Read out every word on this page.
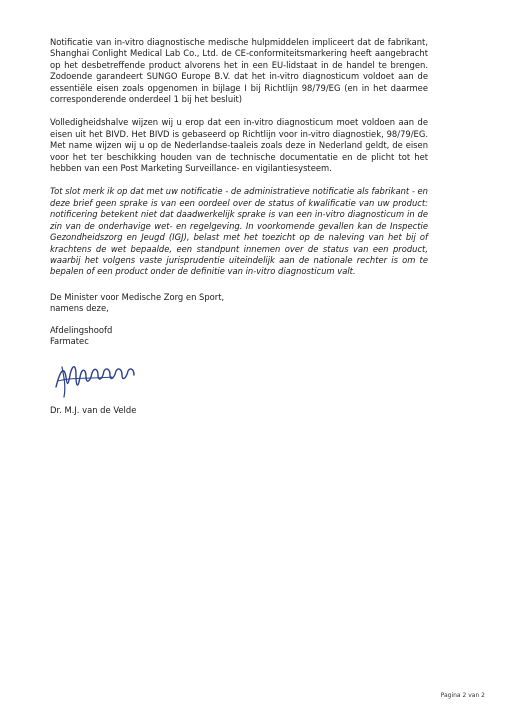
Notificatie van in-vitro diagnostische medische hulpmiddelen impliceert dat de fabrikant, Shanghai Conlight Medical Lab Co., Ltd. de CE-conformiteitsmarkering heeft aangebracht op het desbetreffende product alvorens het in een EU-lidstaat in de handel te brengen. Zodoende garandeert SUNGO Europe B.V. dat het in-vitro diagnosticum voldoet aan de essentiële eisen zoals opgenomen in bijlage I bij Richtlijn 98/79/EG (en in het daarmee corresponderende onderdeel 1 bij het besluit)

Volledigheidshalve wijzen wij u erop dat een in-vitro diagnosticum moet voldoen aan de eisen uit het BIVD. Het BIVD is gebaseerd op Richtlijn voor in-vitro diagnostiek, 98/79/EG. Met name wijzen wij u op de Nederlandse-taaleis zoals deze in Nederland geldt, de eisen voor het ter beschikking houden van de technische documentatie en de plicht tot het hebben van een Post Marketing Surveillance- en vigilantiesysteem.

Tot slot merk ik op dat met uw notificatie - de administratieve notificatie als fabrikant - en deze brief geen sprake is van een oordeel over de status of kwalificatie van uw product: notificering betekent niet dat daadwerkelijk sprake is van een in-vitro diagnosticum in de zin van de onderhavige wet- en regelgeving. In voorkomende gevallen kan de Inspectie Gezondheidszorg en Jeugd (IGJ), belast met het toezicht op de naleving van het bij of krachtens de wet bepaalde, een standpunt innemen over de status van een product, waarbij het volgens vaste jurisprudentie uiteindelijk aan de nationale rechter is om te bepalen of een product onder de definitie van in-vitro diagnosticum valt.

De Minister voor Medische Zorg en Sport,
namens deze,
Afdelingshoofd
Farmatec
Dr. M.J. van de Velde
Pagina 2 van 2
